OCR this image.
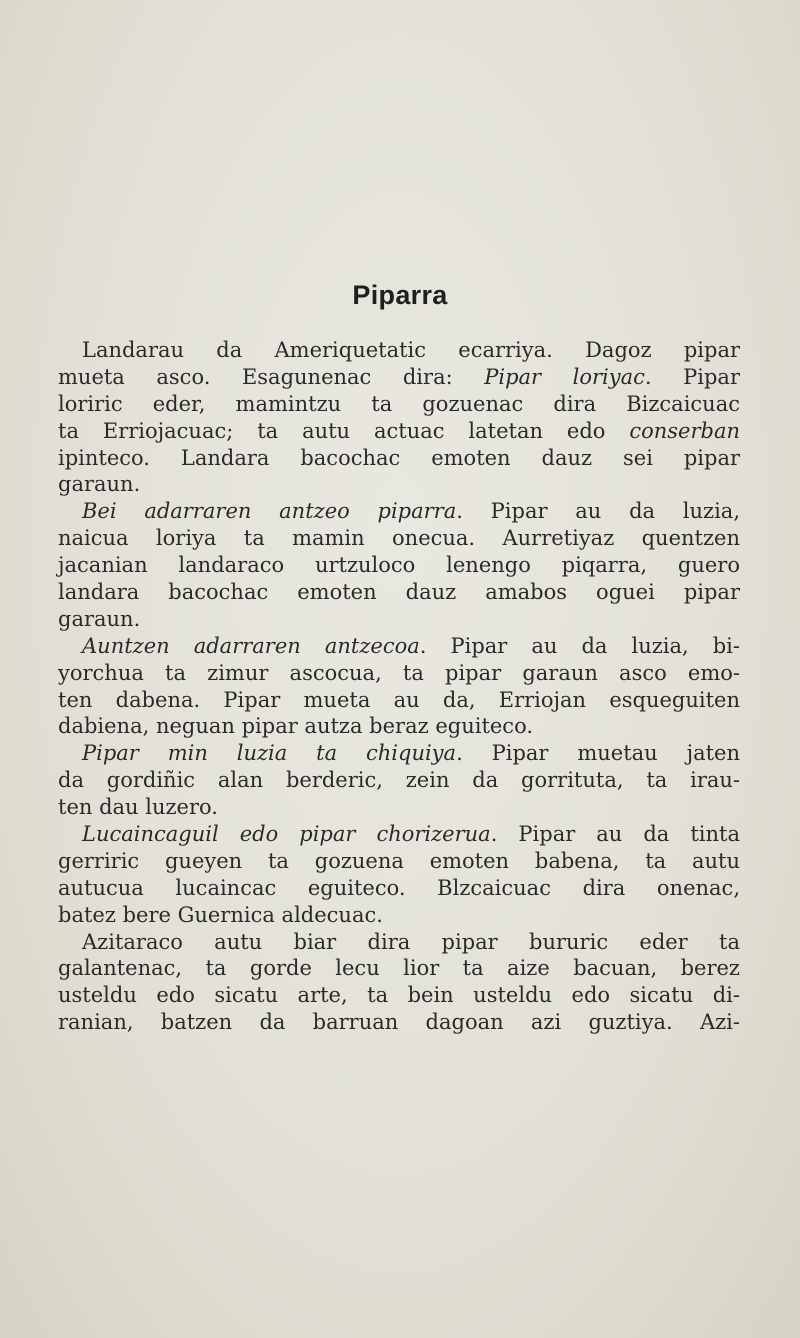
Piparra
Landarau da Ameriquetatic ecarriya. Dagoz pipar
mueta asco. Esagunenac dira: Pipar loriyac. Pipar
loriric eder, mamintzu ta gozuenac dira Bizcaicuac
ta Erriojacuac; ta autu actuac latetan edo conserban
ipinteco. Landara bacochac emoten dauz sei pipar
garaun.
Bei adarraren antzeo piparra. Pipar au da luzia,
naicua loriya ta mamin onecua. Aurretiyaz quentzen
jacanian landaraco urtzuloco lenengo piqarra, guero
landara bacochac emoten dauz amabos oguei pipar
garaun.
Auntzen adarraren antzecoa. Pipar au da luzia, bi-
yorchua ta zimur ascocua, ta pipar garaun asco emo-
ten dabena. Pipar mueta au da, Erriojan esqueguiten
dabiena, neguan pipar autza beraz eguiteco.
Pipar min luzia ta chiquiya. Pipar muetau jaten
da gordiñic alan berderic, zein da gorrituta, ta irau-
ten dau luzero.
Lucaincaguil edo pipar chorizerua. Pipar au da tinta
gerriric gueyen ta gozuena emoten babena, ta autu
autucua lucaincac eguiteco. Blzcaicuac dira onenac,
batez bere Guernica aldecuac.
Azitaraco autu biar dira pipar bururic eder ta
galantenac, ta gorde lecu lior ta aize bacuan, berez
usteldu edo sicatu arte, ta bein usteldu edo sicatu di-
ranian, batzen da barruan dagoan azi guztiya. Azi-
